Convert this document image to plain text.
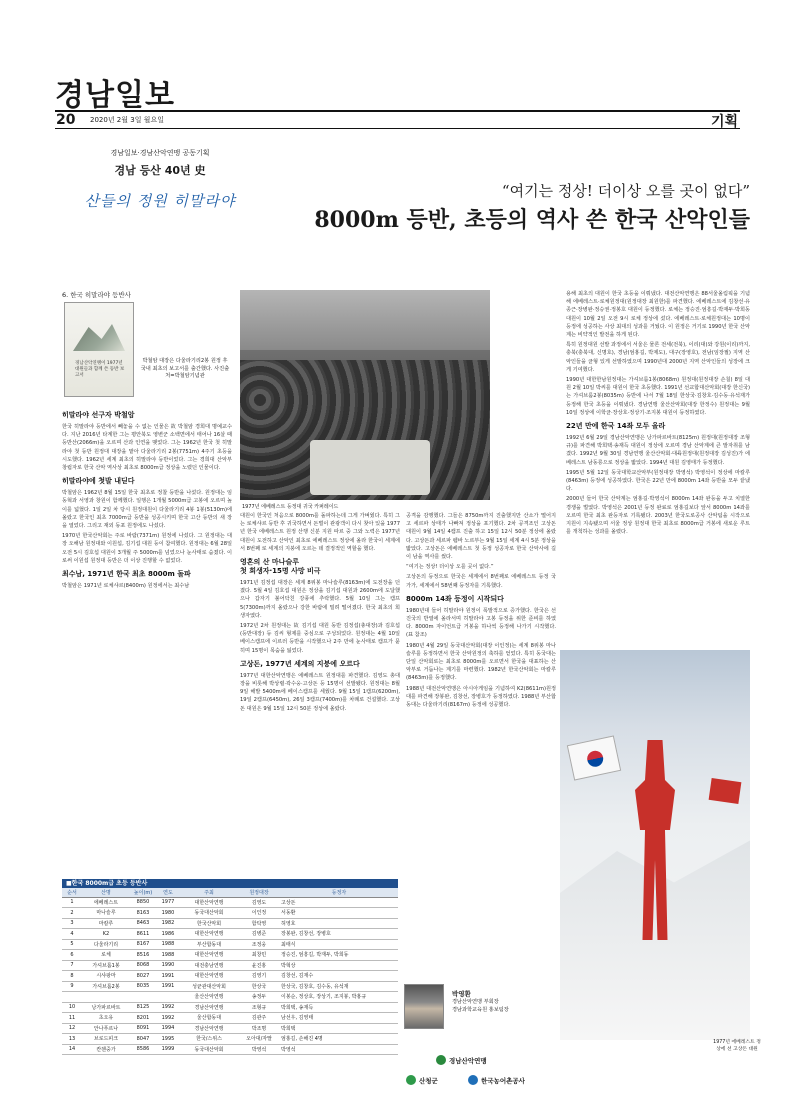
경남일보
20 2020년 2월 3일 월요일	기획
경남일보·경남산악연맹 공동기획
경남 등산 40년 史
산들의 정원 히말라야
“여기는 정상! 더이상 오를 곳이 없다”
8000m 등반, 초등의 역사 쓴 한국 산악인들
6. 한국 히말라야 등반사
경남산악연맹이 1977년 대원들과 함께 쓴 등반 보고서
박철암 대장은 다울라기리2봉 원정 후 국내 최초의 보고서를 출간했다. 사진출처=박철암기념관
히말라야 선구자 박철암

한국 히말라야 등반에서 빼놓을 수 없는 인물은 故 박철암 경희대 명예교수다. 지난 2016년 타계한 그는 평안북도 영변군 소백면에서 태어나 16살 때 등반산(2066m)을 오르며 산과 인연을 맺었다. 그는 1962년 한국 첫 히말라야 첫 등반 원정대 대장을 맡아 다울라기리 2봉(7751m) 4주기 초등을 시도했다. 1962년 세계 최초의 히말라야 등반이었다. 그는 경희대 산악부 창립자로 한국 산악 역사상 최초로 8000m급 정상을 노렸던 인물이다.

히말라야에 첫발 내딛다

박철암은 1962년 8월 15일 한국 최초로 정찰 등반을 나섰다. 원정대는 임동혁과 서영과 창원이 함께했다. 일행은 1개월 5000m급 고봉에 오르며 높이를 넓혔다. 1일 2일 차 당시 원정대원이 다울라기리 4봉 1봉(5130m)에 올랐고 한국인 최초 7000m급 등반을 성공시키며 한국 고산 등반의 새 장을 열었다. 그리고 재외 동포 원정에도 나섰다.

1970년 한국산악회는 주로 바람(7371m) 원정에 나섰다. 그 원정대는 대장 오해남 원정대와 이원섭, 김기섭 대원 등이 참여했다. 원정대는 6월 28일 오전 5시 김호섭 대원이 3개월 주 5000m를 넘었으나 눈사태로 숨졌다. 이로써 이원섭 원정대 등반은 더 이상 진행할 수 없었다.

최수남, 1971년 한국 최초 8000m 돌파

박철암은 1971년 로체샤르(8400m) 원정에서는 최수남

1977년 에베레스트 등정대 귀국 카퍼레이드

대원이 한국인 처음으로 8000m를 돌파하는데 그게 가벼웠다. 특히 그는 로체샤르 등반 후 귀국하면서 돈벌이 관광객이 다시 찾아 있을 1977년 한국 에베레스트 원정 산행 신분 지원 따르 중 그와 노력은 1977년 대원이 도전하고 산악인 최초로 에베레스트 정상에 올라 한국이 세계에서 8번째 로 세계의 지붕에 오르는 데 결정적인 역할을 했다.

영혼의 산 마나슬루
첫 희생자·15명 사망 비극

1971년 김정섭 대장은 세계 8위봉 마나슬루(8163m)에 도전장을 던졌다. 5월 4일 김호섭 대원은 정상을 김기섭 대원과 2600m에 도달했으나 갑자기 불어닥친 강풍에 추락했다. 5월 10일 그는 캠프 5(7300m)까지 올랐으나 강한 바람에 밀려 떨어졌다. 한국 최초의 희생자였다.

1972년 2차 원정대는 故 김기섭 대원 동반 김정섭(총대장)과 김호섭(등반대장) 등 김씨 형제를 중심으로 구성되었다. 원정대는 4월 10일 베이스캠프에 이르러 등반을 시작했으나 2주 만에 눈사태로 캠프가 묻히며 15명이 목숨을 잃었다.

고상돈, 1977년 세계의 지붕에 오르다

1977년 대한산악연맹은 에베레스트 원정대를 파견했다. 김영도 총대장을 비롯해 박상렬·곽수웅·고상돈 등 15명이 선발됐다. 원정대는 8월 9일 해발 5400m에 베이스캠프를 세웠다. 9월 15일 1캠프(6200m), 19일 2캠프(6450m), 26일 3캠프(7400m)를 차례로 건설했다. 고상돈 대원은 9월 15일 12시 50분 정상에 올랐다.

공격을 감행했다. 그들은 8750m까지 진출했지만 산소가 떨어지고 세르파 상태가 나빠져 정상을 포기했다. 2차 공격조인 고상돈 대원이 9월 14일 4캠프 진출 하고 15일 12시 50분 정상에 올랐다. 고상돈과 세르파 펨바 노르부는 9월 15일 세계 4시 5분 정상을 밟았다. 고상돈은 에베레스트 첫 등정 성공자로 한국 산악사에 길이 남을 역사를 썼다.

“여기는 정상! 더이상 오를 곳이 없다.”

고상돈의 등정으로 한국은 세계에서 8번째로 에베레스트 등정 국가가, 세계에서 58번째 등정자를 기록했다.

8000m 14좌 등정이 시작되다

1980년대 들어 히말라야 원정이 폭발적으로 증가했다. 한국은 선진국의 반열에 올라서며 히말라야 고봉 등정을 위한 준비를 하였다. 8000m 자이언트급 거봉을 하나씩 등정해 나가기 시작했다. (표 참조)

1980년 4월 29일 동국대산악회(대장 이인정)는 세계 8위봉 마나슬루를 등정하면서 한국 산악원정의 축하를 얻었다. 특히 동국대는 단일 산악회로는 최초로 8000m를 오르면서 한국을 대표하는 산악부로 거듭나는 계기를 마련했다. 1982년 한국산악회는 마칼루(8463m)를 등정했다.

1988년 대전산악연맹은 아시아게임을 기념하여 K2(8611m)원정대를 파견해 장봉완, 김창선, 장병호가 등정하였다. 1988년 부산합동대는 다울라기리(8167m) 등정에 성공했다.

용해 최초의 대원이 한국 초등을 이뤄냈다. 대전산악연맹은 88서울올림픽을 기념해 에베레스트·로체원정대(원정대장 최원한)를 파견했다. 에베레스트에 김창선·유종근·장병완·정승권·정봉호 대원이 등정했다. 로체는 정승진·엄흥길·박재두·박희동 대원이 10월 2일 오전 9시 로체 정상에 섰다. 에베레스트·로체원정대는 10명이 등정에 성공하는 사상 최대의 성과를 거뒀다. 이 원정은 거기로 1990년 한국 산악계는 비약적인 발전을 하게 된다.

특히 원정대원 선발 과정에서 서울은 물론 전세(전북), 이리(대)와 강원(이리)까지, 충북(충북대, 신명호), 경남(엄홍길, 박제도), 대구(장영호), 전남(임장필) 지역 산악인들을 균형 있게 선발하였으며 1990년대 2000년 지역 산악인들의 성장에 크게 기여했다.

1990년 대한한남원정대는 가셔브룸1봉(8068m) 원정대(원정대장 손칠) 8일 대원 2월 10일 박씨를 대원이 한국 초등했다. 1991년 선교합대산악회(대장 한신국)는 가셔브룸2봉(8035m) 등반에 나서 7월 18일 한상국·김창호·김수동·유석재가 등정해 한국 초등을 이뤄냈다. 경남연맹 울산산악회(대장 한정수) 원정대는 9월 10일 정상에 이학균·장상호·정상기·조지봉 대원이 등정하였다.

22년 만에 한국 14좌 모두 올라

1992년 6월 29일 경남산악연맹은 낭가파르바트(8125m) 원정대(원정대장 조형규)를 파견해 박희택·송재득 대원이 정상에 오르며 경남 산악계에 큰 발자취를 남겼다. 1992년 9월 30일 경남연맹 울산산악회·대륙원정대(원정대장 김성진)가 에베레스트 남동릉으로 정상을 밟았다. 1994년 대원 김영태가 등정했다.

1995년 5월 12일 동국대학교산악부(원정대장 박영석) 박영석이 정상에 마칼루(8463m) 등정에 성공하였다. 한국은 22년 만에 8000m 14좌 등반을 모두 끝냈다.

2000년 들어 한국 산악계는 엄홍길·박영석이 8000m 14좌 완등을 두고 치열한 경쟁을 벌였다. 박영석은 2001년 등정 완료로 엄홍길보다 앞서 8000m 14좌를 오르며 한국 최초 완등자로 기록됐다. 2003년 한국도로공사 산악팀을 시작으로 지원이 지속됐으며 서울 정상 원정대 한국 최초로 8000m급 거봉에 새로운 루트를 개척하는 성과를 올렸다.

1977년 에베레스트 정상에 선 고상돈 대원
■한국 8000m급 초등 등반사
순서	산명	높이(m)	연도	주최	원정대장	등정자
1	에베레스트	8850	1977	대한산악연맹	김영도	고상돈
2	마나슬루	8163	1980	동국대산악회	이인정	서동환
3	마칼루	8463	1982	한국산악회	함탁영	허영호
4	K2	8611	1986	대한산악연맹	김병준	장봉완, 김창선, 장병호
5	다울라기리	8167	1988	부산합동대	조정웅	최태식
6	로체	8516	1988	대한산악연맹	최창민	정승진, 엄흥길, 박재두, 박희동
7	가셔브롬1봉	8068	1990	대전충남연맹	윤진홍	박혁상
8	시샤팡마	8027	1991	대한산악연맹	김영기	김창선, 김재수
9	가셔브롬2봉	8035	1991	성균관대산악회	한상국	한상국, 김창호, 김수동, 유석재
				울산산악연맹	송정두	이봉순, 정상호, 장상기, 조지봉, 박홍규
10	낭가파르바트	8125	1992	경남산악연맹	조형규	박희택, 송재득
11	초오유	8201	1992	울산합동대	김관주	남선우, 김영태
12	안나푸르나	8091	1994	경남산악연맹	박조명	박희택
13	브로드피크	8047	1995	한국/스위스	오아대/자딸	엄홍길, 손해진 4명
14	칸첸중가	8586	1999	동국대산악회	박영석	박영석
박영환
경남산악연맹 부회장
경남과학교육원 홍보팀장
경남산악연맹
산청군	한국농어촌공사
